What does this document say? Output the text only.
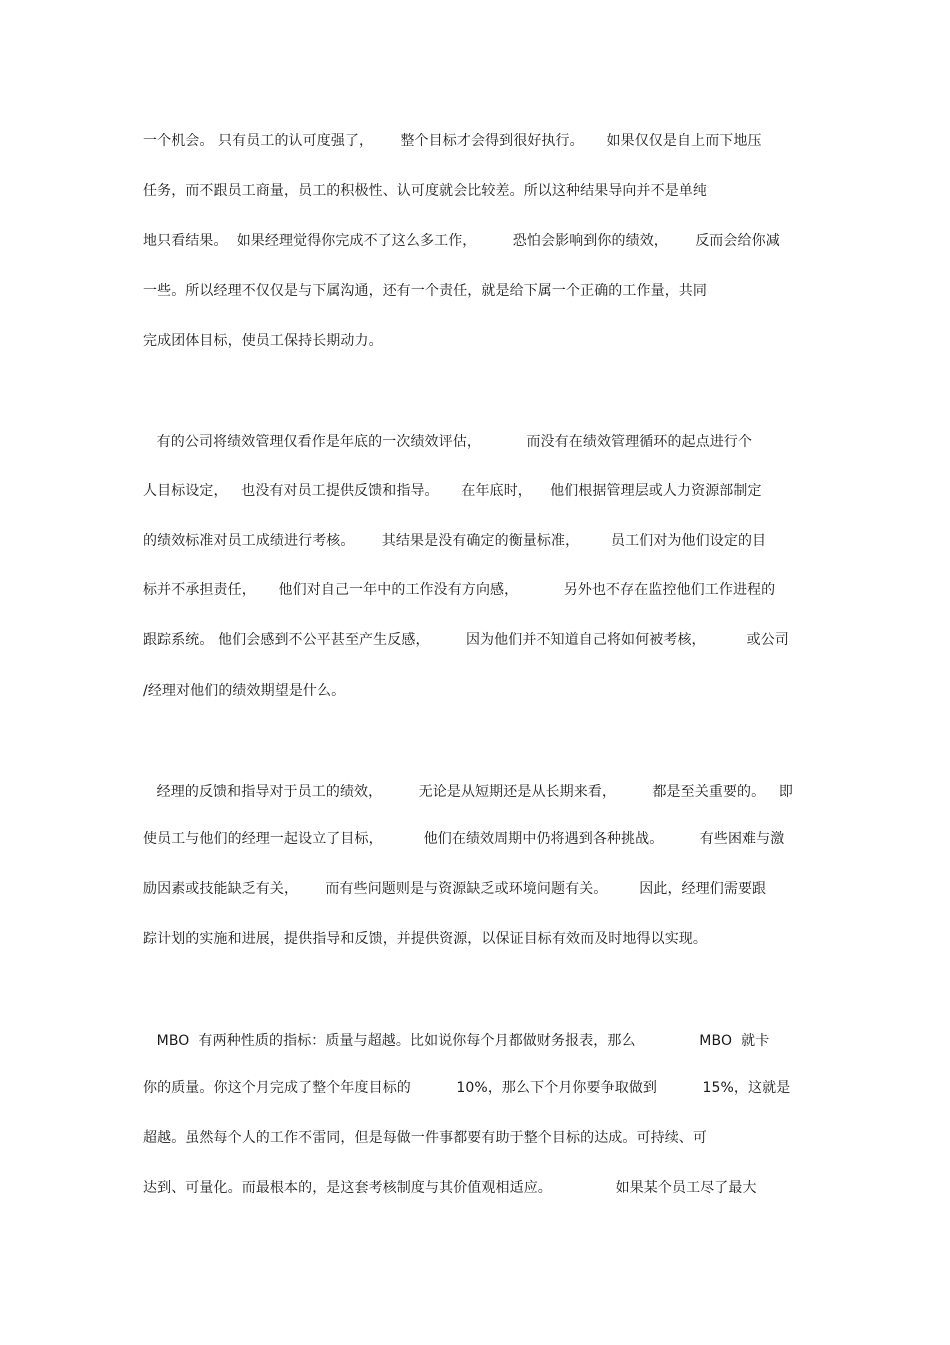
一个机会。 只有员工的认可度强了，      整个目标才会得到很好执行。     如果仅仅是自上而下地压
任务，而不跟员工商量，员工的积极性、认可度就会比较差。所以这种结果导向并不是单纯
地只看结果。  如果经理觉得你完成不了这么多工作，        恐怕会影响到你的绩效，      反而会给你减
一些。所以经理不仅仅是与下属沟通，还有一个责任，就是给下属一个正确的工作量，共同
完成团体目标，使员工保持长期动力。
有的公司将绩效管理仅看作是年底的一次绩效评估，          而没有在绩效管理循环的起点进行个
人目标设定，   也没有对员工提供反馈和指导。     在年底时，    他们根据管理层或人力资源部制定
的绩效标准对员工成绩进行考核。      其结果是没有确定的衡量标准，       员工们对为他们设定的目
标并不承担责任，     他们对自己一年中的工作没有方向感，          另外也不存在监控他们工作进程的
跟踪系统。 他们会感到不公平甚至产生反感，        因为他们并不知道自己将如何被考核，         或公司
/经理对他们的绩效期望是什么。
经理的反馈和指导对于员工的绩效，        无论是从短期还是从长期来看，        都是至关重要的。   即
使员工与他们的经理一起设立了目标，         他们在绩效周期中仍将遇到各种挑战。        有些困难与激
励因素或技能缺乏有关，      而有些问题则是与资源缺乏或环境问题有关。       因此，经理们需要跟
踪计划的实施和进展，提供指导和反馈，并提供资源，以保证目标有效而及时地得以实现。
MBO  有两种性质的指标：质量与超越。比如说你每个月都做财务报表，那么              MBO  就卡
你的质量。你这个月完成了整个年度目标的          10%，那么下个月你要争取做到          15%，这就是
超越。虽然每个人的工作不雷同，但是每做一件事都要有助于整个目标的达成。可持续、可
达到、可量化。而最根本的，是这套考核制度与其价值观相适应。              如果某个员工尽了最大
